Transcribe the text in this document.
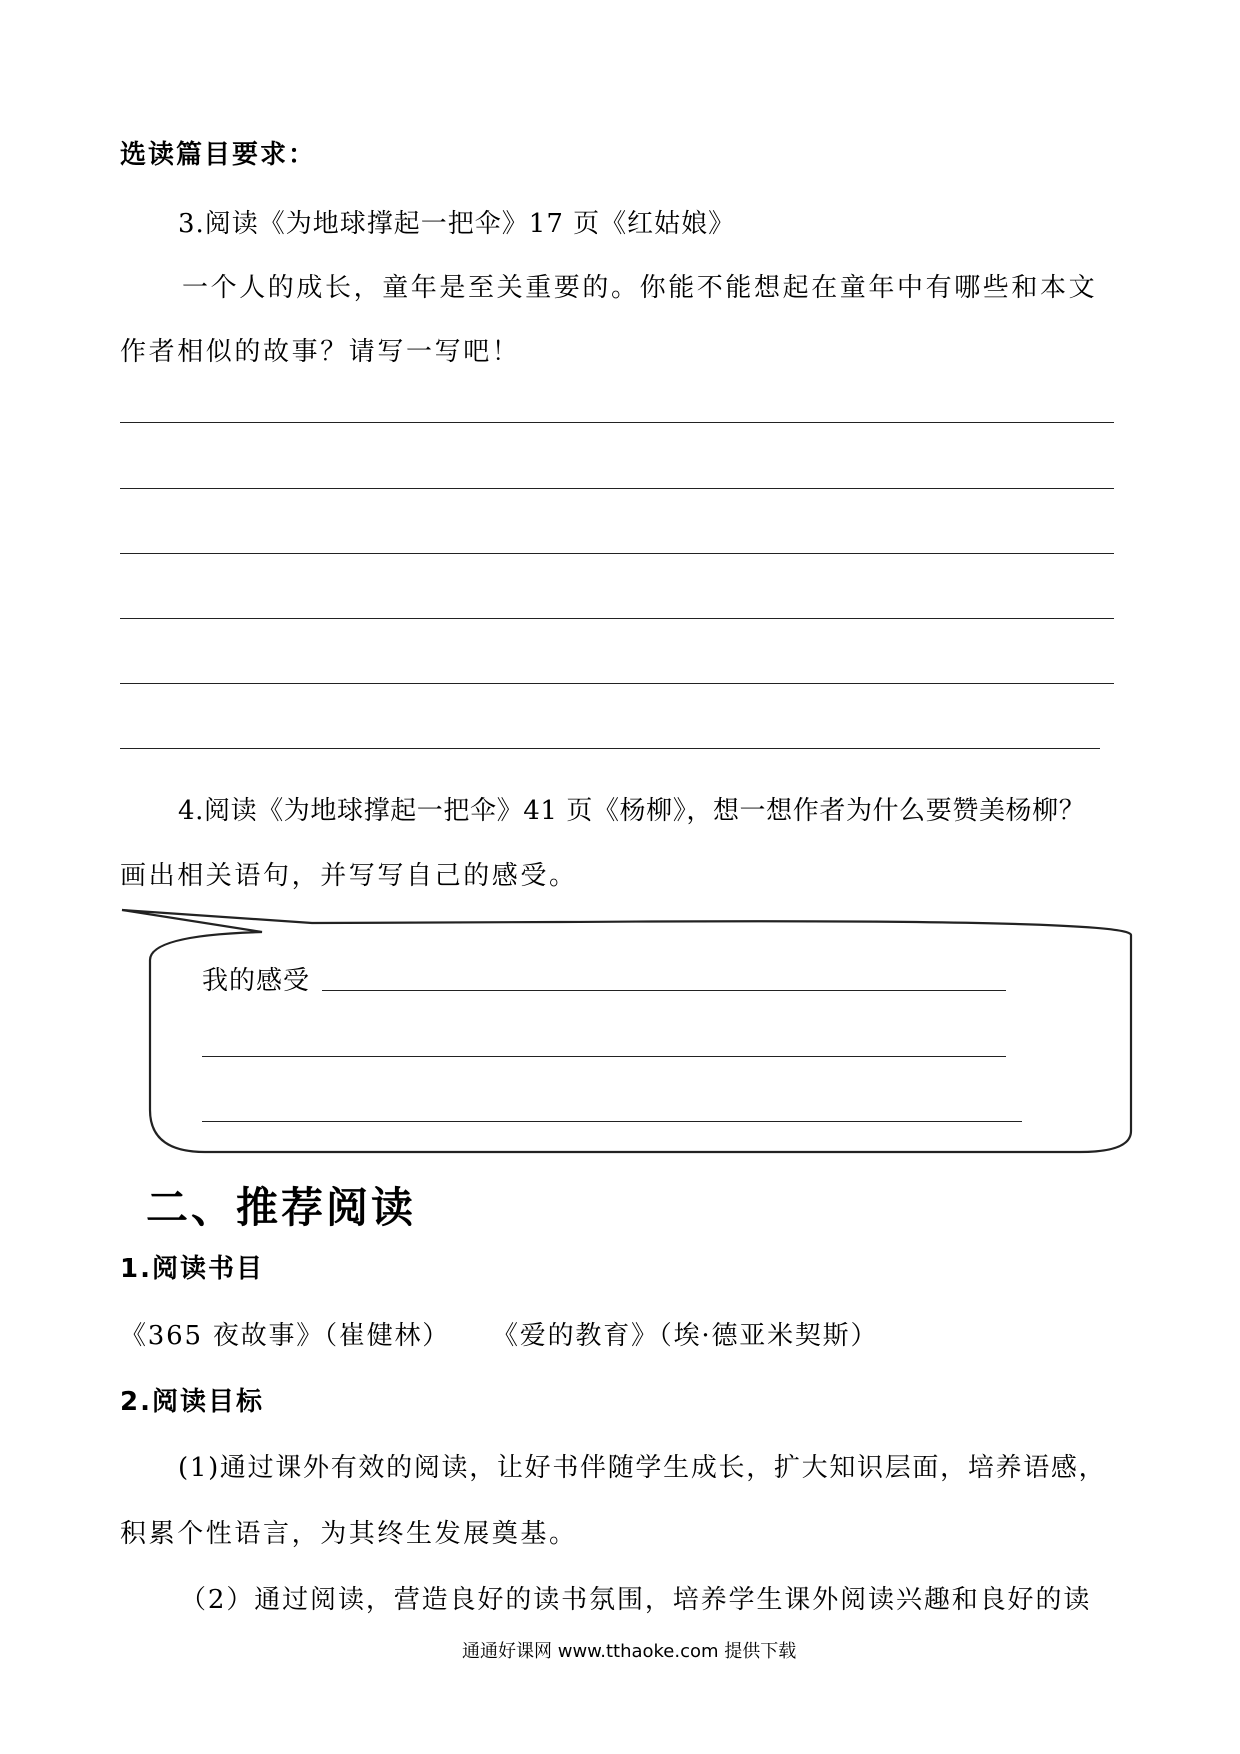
选读篇目要求：
3.阅读《为地球撑起一把伞》17 页《红姑娘》
一个人的成长，童年是至关重要的。你能不能想起在童年中有哪些和本文
作者相似的故事？请写一写吧！
4.阅读《为地球撑起一把伞》41 页《杨柳》，想一想作者为什么要赞美杨柳？
画出相关语句，并写写自己的感受。
我的感受
二、推荐阅读
1.阅读书目
《365 夜故事》（崔健林） 《爱的教育》（埃·德亚米契斯）
2.阅读目标
(1)通过课外有效的阅读，让好书伴随学生成长，扩大知识层面，培养语感，
积累个性语言，为其终生发展奠基。
（2）通过阅读，营造良好的读书氛围，培养学生课外阅读兴趣和良好的读
通通好课网 www.tthaoke.com 提供下载
